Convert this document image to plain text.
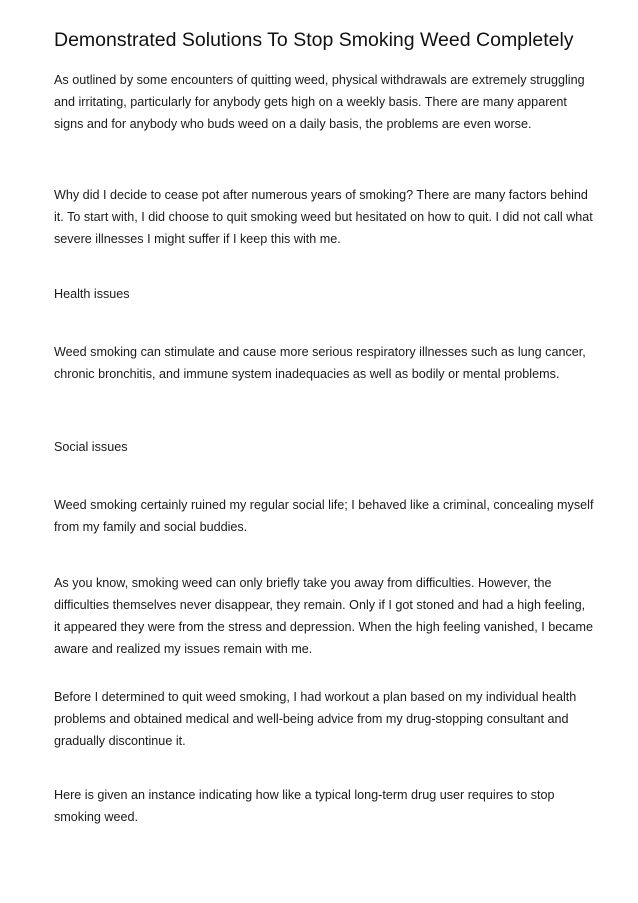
Demonstrated Solutions To Stop Smoking Weed Completely

As outlined by some encounters of quitting weed, physical withdrawals are extremely struggling and irritating, particularly for anybody gets high on a weekly basis. There are many apparent signs and for anybody who buds weed on a daily basis, the problems are even worse.

Why did I decide to cease pot after numerous years of smoking? There are many factors behind it. To start with, I did choose to quit smoking weed but hesitated on how to quit. I did not call what severe illnesses I might suffer if I keep this with me.

Health issues

Weed smoking can stimulate and cause more serious respiratory illnesses such as lung cancer, chronic bronchitis, and immune system inadequacies as well as bodily or mental problems.

Social issues

Weed smoking certainly ruined my regular social life; I behaved like a criminal, concealing myself from my family and social buddies.

As you know, smoking weed can only briefly take you away from difficulties. However, the difficulties themselves never disappear, they remain. Only if I got stoned and had a high feeling, it appeared they were from the stress and depression. When the high feeling vanished, I became aware and realized my issues remain with me.

Before I determined to quit weed smoking, I had workout a plan based on my individual health problems and obtained medical and well-being advice from my drug-stopping consultant and gradually discontinue it.

Here is given an instance indicating how like a typical long-term drug user requires to stop smoking weed.
